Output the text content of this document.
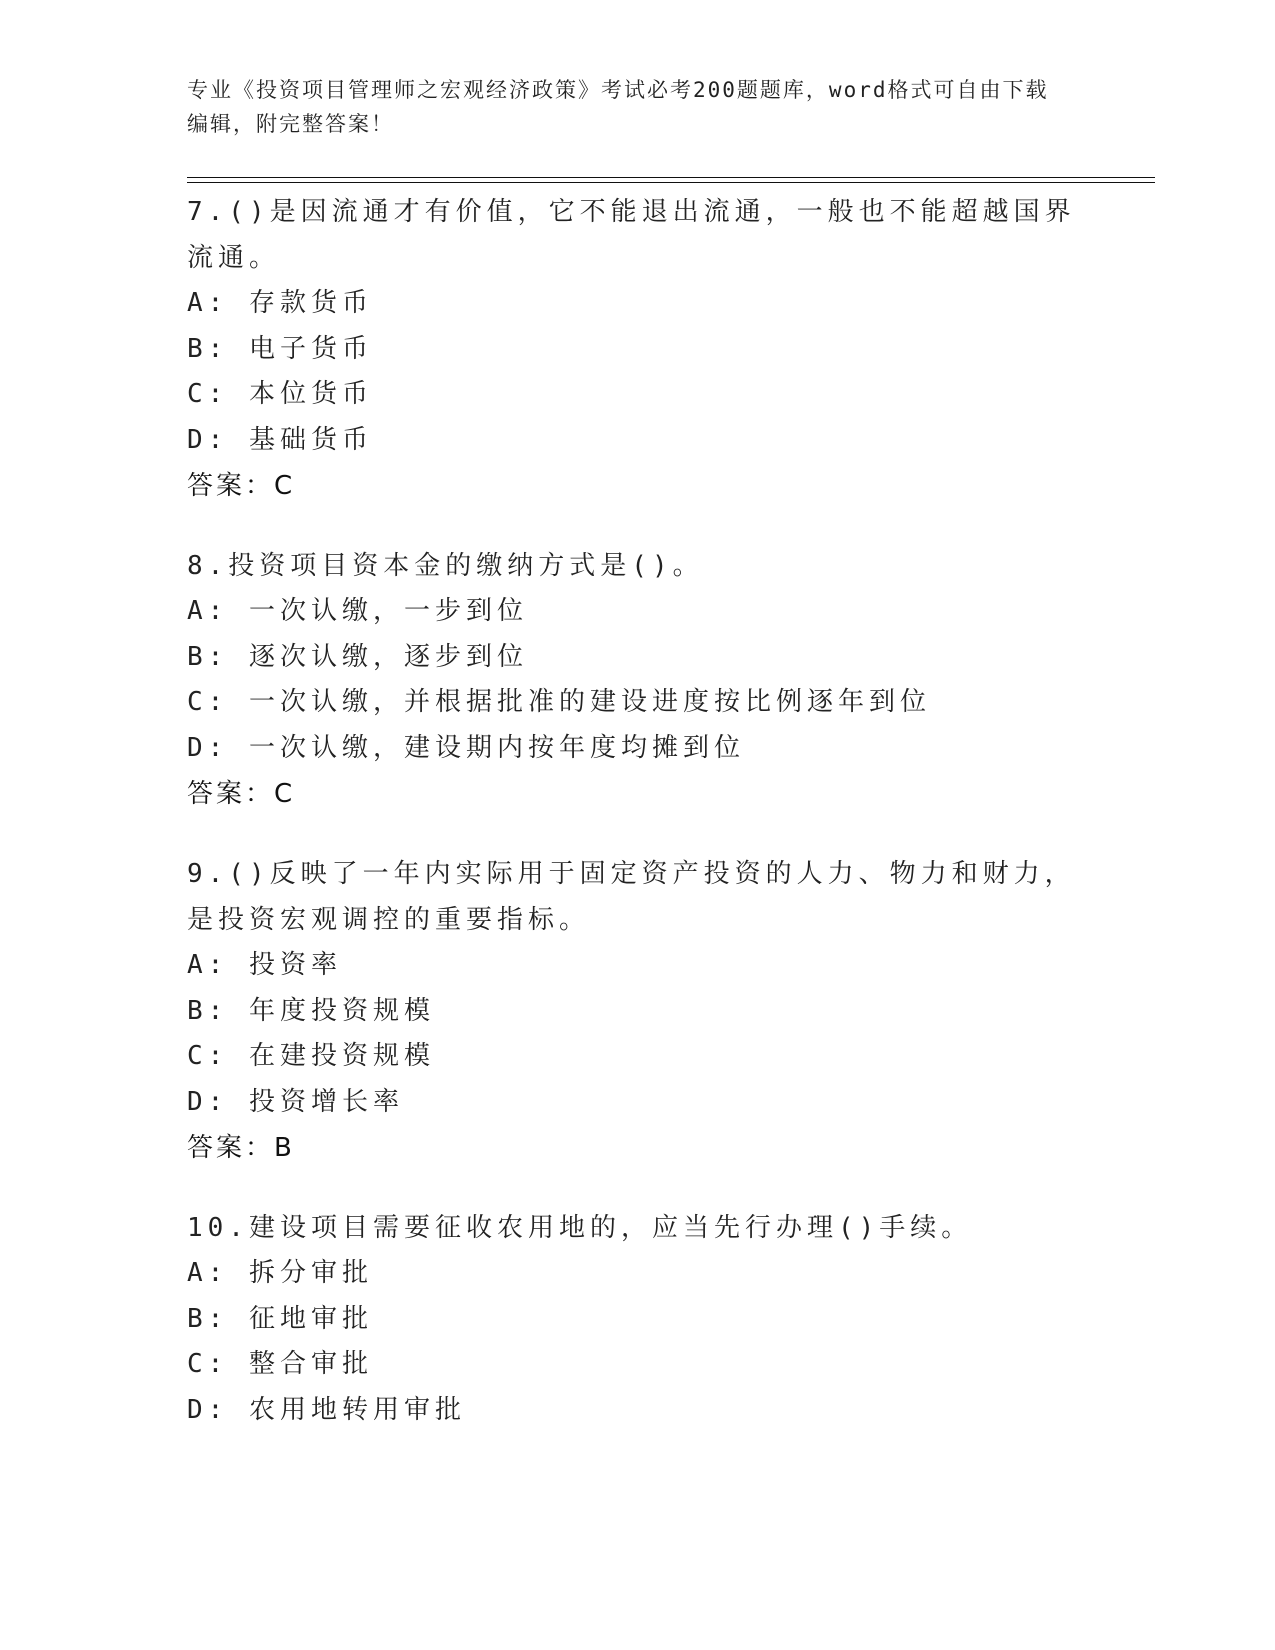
专业《投资项目管理师之宏观经济政策》考试必考200题题库，word格式可自由下载编辑，附完整答案！

7.()是因流通才有价值，它不能退出流通，一般也不能超越国界流通。

A: 存款货币

B: 电子货币

C: 本位货币

D: 基础货币

答案：C

8.投资项目资本金的缴纳方式是()。

A: 一次认缴，一步到位

B: 逐次认缴，逐步到位

C: 一次认缴，并根据批准的建设进度按比例逐年到位

D: 一次认缴，建设期内按年度均摊到位

答案：C

9.()反映了一年内实际用于固定资产投资的人力、物力和财力，是投资宏观调控的重要指标。

A: 投资率

B: 年度投资规模

C: 在建投资规模

D: 投资增长率

答案：B

10.建设项目需要征收农用地的，应当先行办理()手续。

A: 拆分审批

B: 征地审批

C: 整合审批

D: 农用地转用审批
